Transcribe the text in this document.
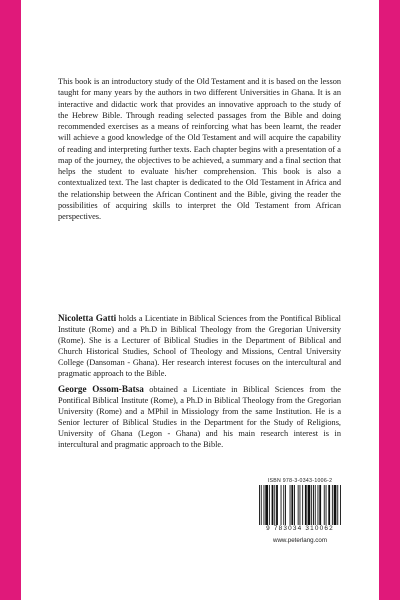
This book is an introductory study of the Old Testament and it is based on the lesson taught for many years by the authors in two different Universities in Ghana. It is an interactive and didactic work that provides an innovative approach to the study of the Hebrew Bible. Through reading selected passages from the Bible and doing recommended exercises as a means of reinforcing what has been learnt, the reader will achieve a good knowledge of the Old Testament and will acquire the capability of reading and interpreting further texts. Each chapter begins with a presentation of a map of the journey, the objectives to be achieved, a summary and a final section that helps the student to evaluate his/her comprehension. This book is also a contextualized text. The last chapter is dedicated to the Old Testament in Africa and the relationship between the African Continent and the Bible, giving the reader the possibilities of acquiring skills to interpret the Old Testament from African perspectives.

Nicoletta Gatti holds a Licentiate in Biblical Sciences from the Pontifical Biblical Institute (Rome) and a Ph.D in Biblical Theology from the Gregorian University (Rome). She is a Lecturer of Biblical Studies in the Department of Biblical and Church Historical Studies, School of Theology and Missions, Central University College (Dansoman - Ghana). Her research interest focuses on the intercultural and pragmatic approach to the Bible.

George Ossom-Batsa obtained a Licentiate in Biblical Sciences from the Pontifical Biblical Institute (Rome), a Ph.D in Biblical Theology from the Gregorian University (Rome) and a MPhil in Missiology from the same Institution. He is a Senior lecturer of Biblical Studies in the Department for the Study of Religions, University of Ghana (Legon - Ghana) and his main research interest is in intercultural and pragmatic approach to the Bible.

ISBN 978-3-0343-1006-2
9 783034 310062
www.peterlang.com
